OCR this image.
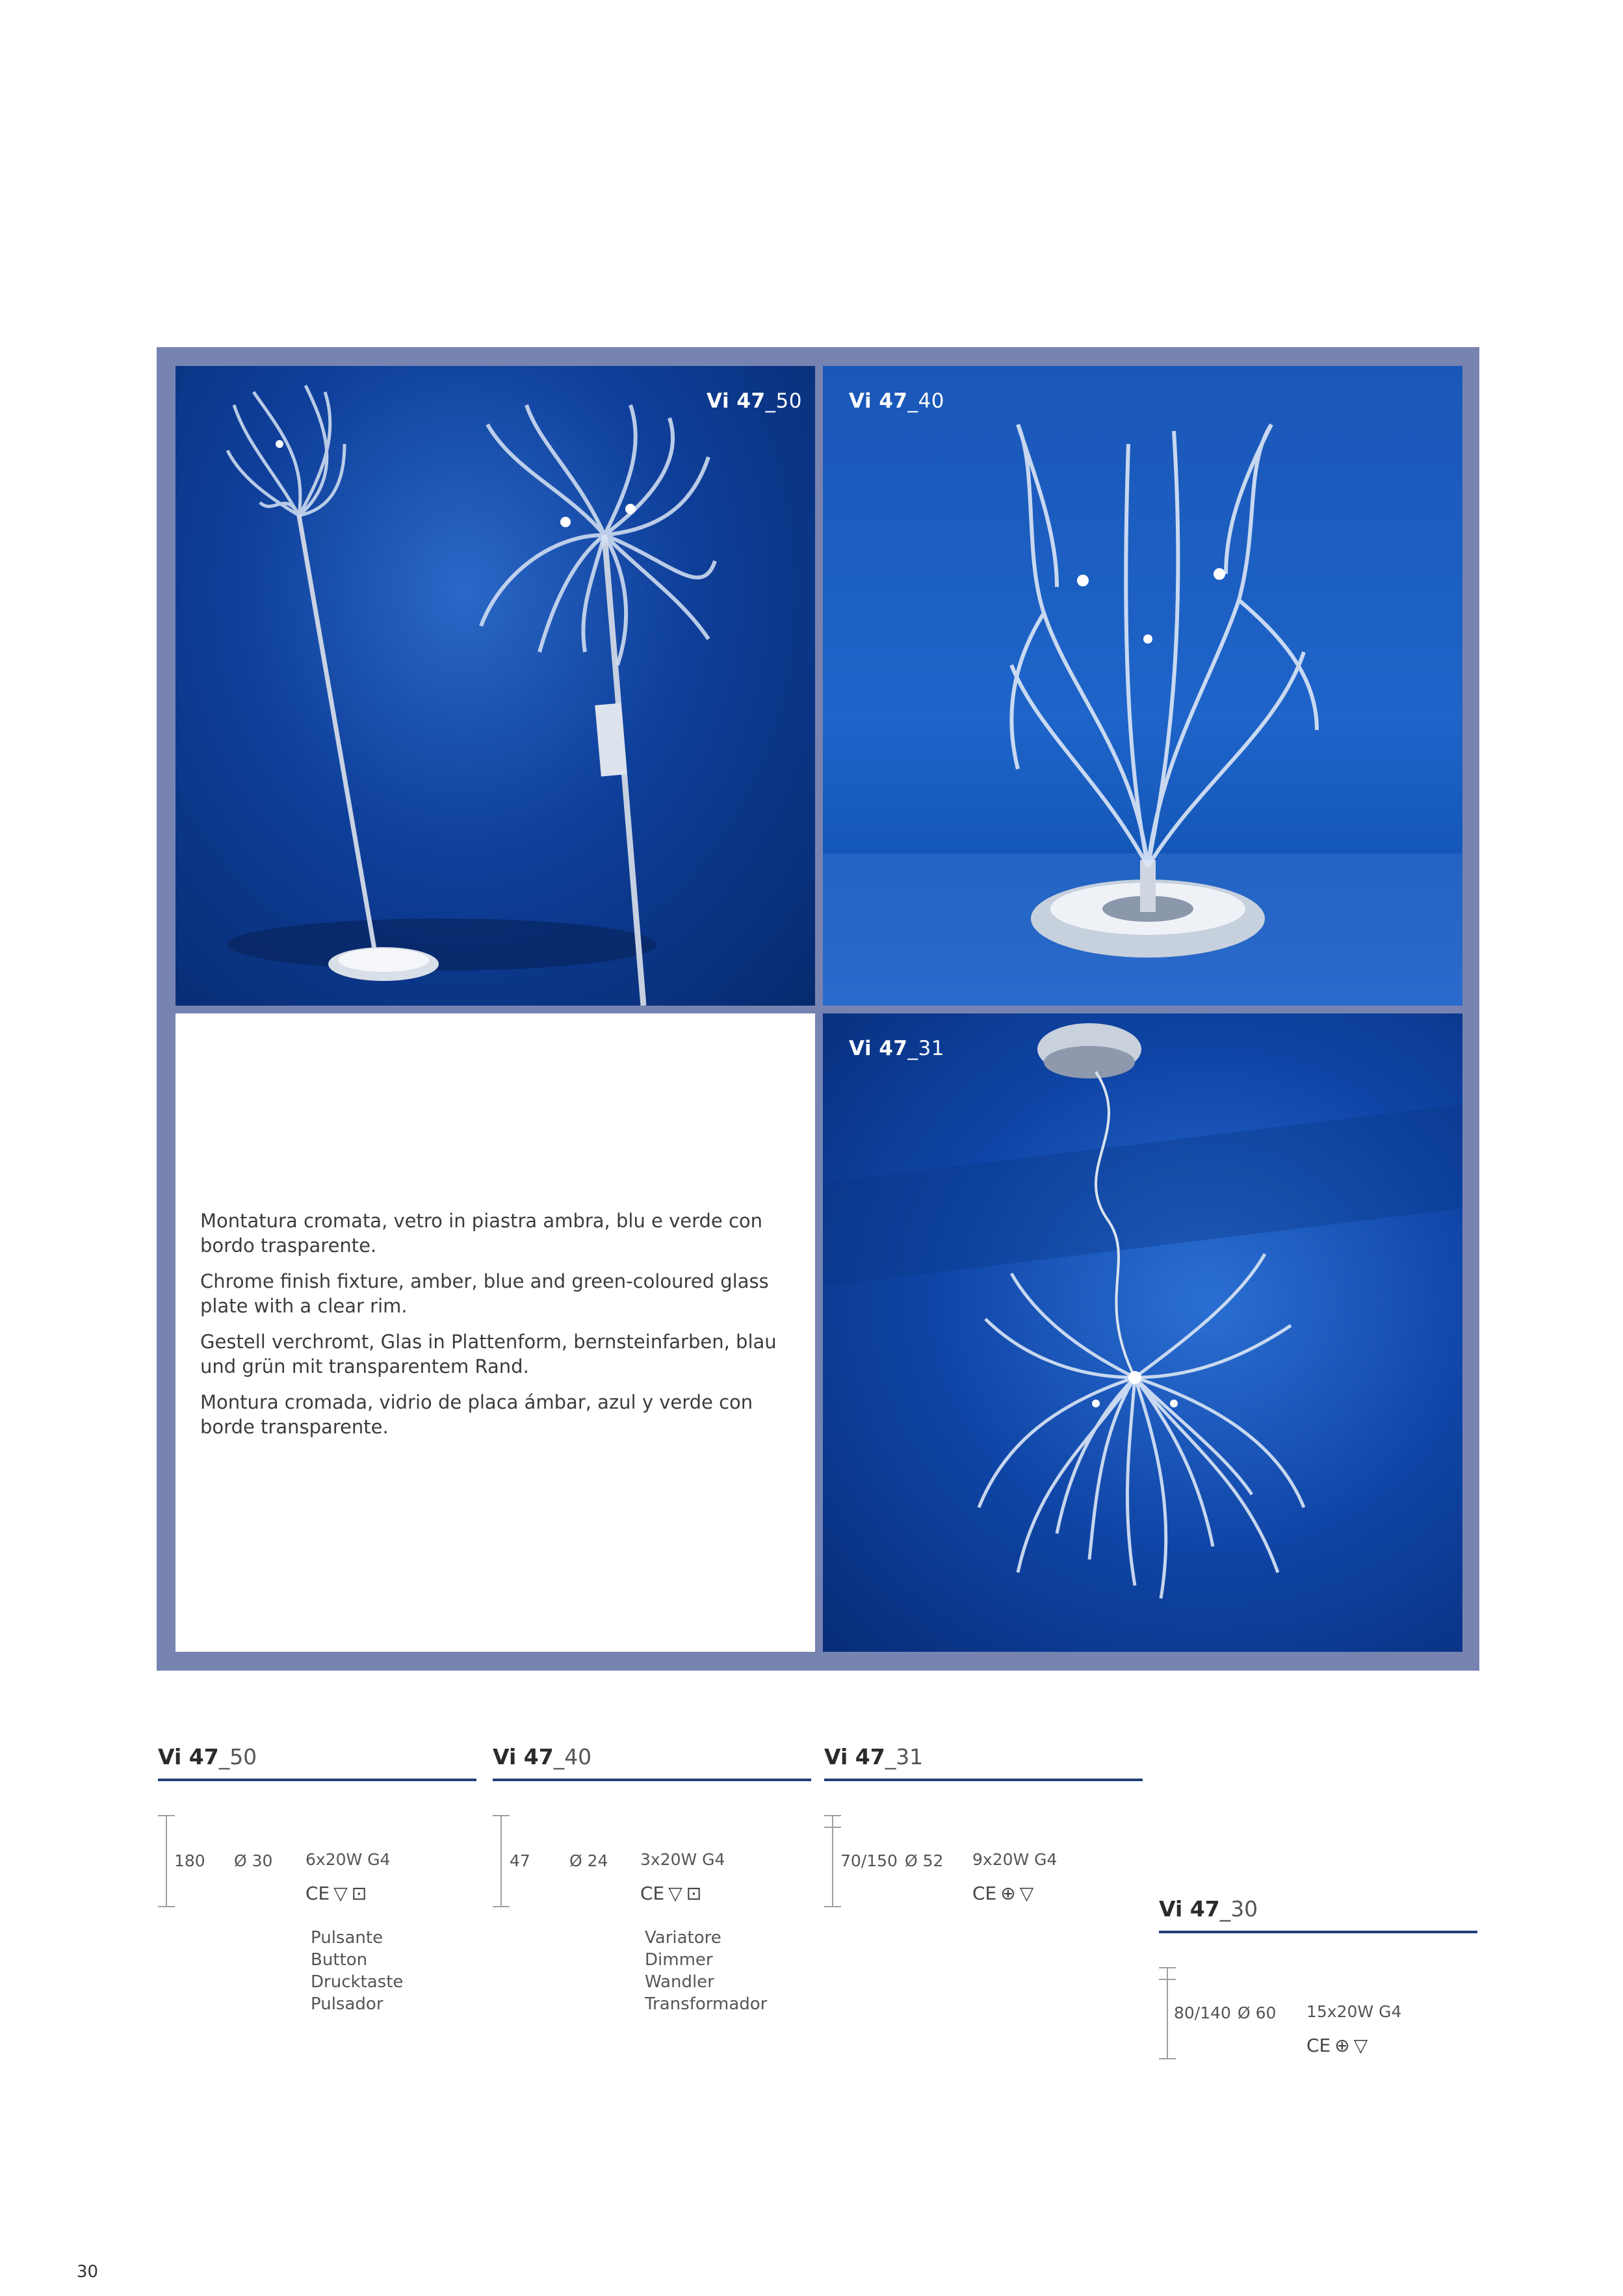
Vi 47_50 Vi 47_40

Montatura cromata, vetro in piastra ambra, blu e verde con bordo trasparente.

Chrome finish fixture, amber, blue and green-coloured glass plate with a clear rim.

Gestell verchromt, Glas in Plattenform, bernsteinfarben, blau und grün mit transparentem Rand.

Montura cromada, vidrio de placa ámbar, azul y verde con borde transparente.

Vi 47_31
Vi 47_50
180 Ø 30 6x20W G4
CE ▽ ⊡
Pulsante
Button
Drucktaste
Pulsador
Vi 47_40
47 Ø 24 3x20W G4
CE ▽ ⊡
Variatore
Dimmer
Wandler
Transformador
Vi 47_31
70/150 Ø 52 9x20W G4
CE ⊕ ▽
Vi 47_30
80/140 Ø 60 15x20W G4
CE ⊕ ▽
30
